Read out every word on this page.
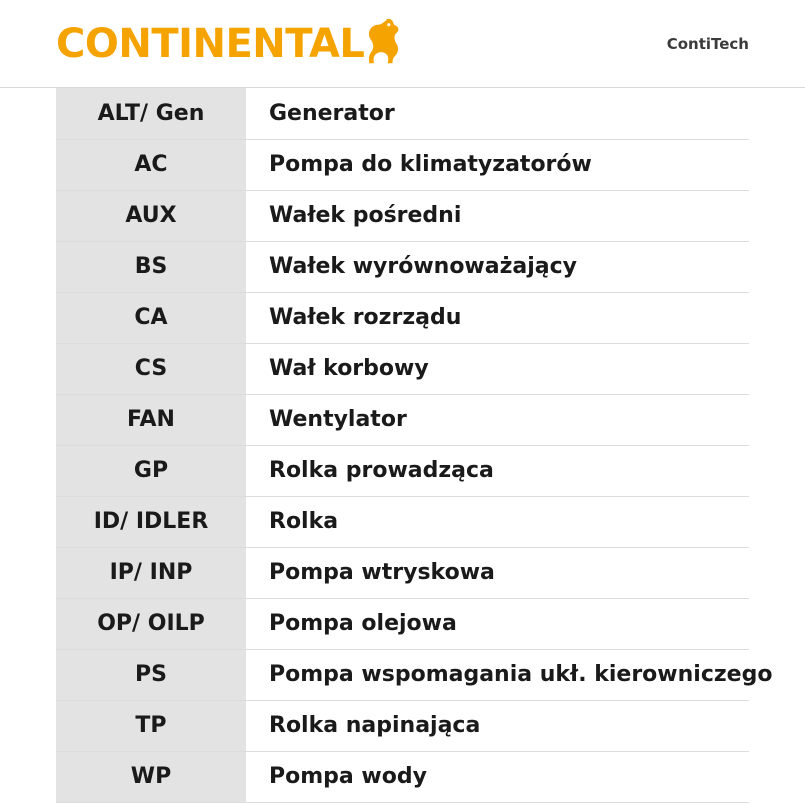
CONTINENTAL	ContiTech
ALT/ Gen	Generator
AC	Pompa do klimatyzatorów
AUX	Wałek pośredni
BS	Wałek wyrównoważający
CA	Wałek rozrządu
CS	Wał korbowy
FAN	Wentylator
GP	Rolka prowadząca
ID/ IDLER	Rolka
IP/ INP	Pompa wtryskowa
OP/ OILP	Pompa olejowa
PS	Pompa wspomagania ukł. kierowniczego
TP	Rolka napinająca
WP	Pompa wody
